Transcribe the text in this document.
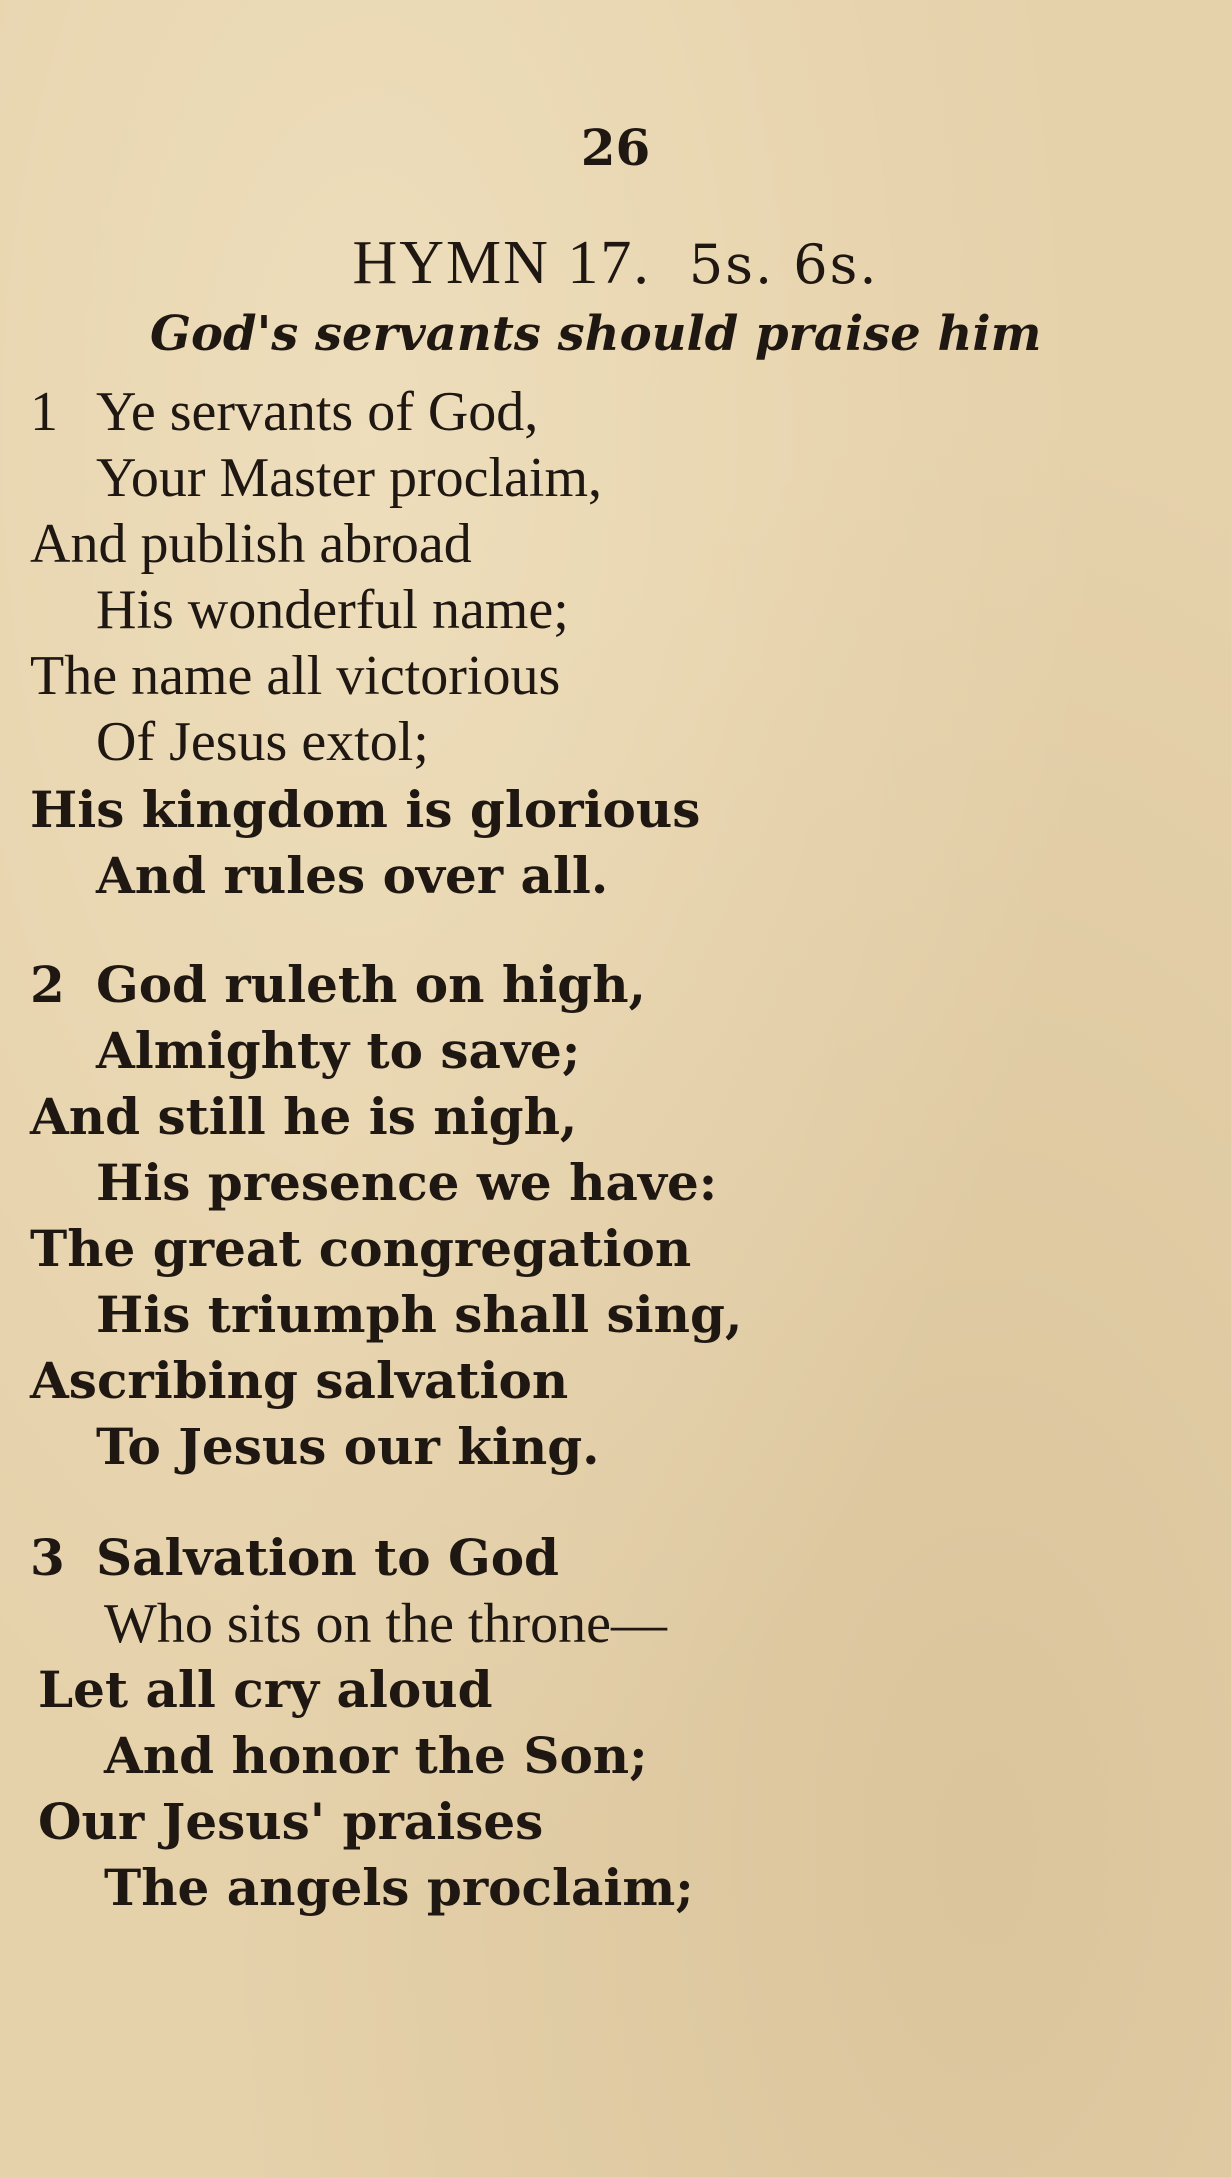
26
HYMN 17. 5s. 6s.
God's servants should praise him
1 Ye servants of God,
Your Master proclaim,
And publish abroad
His wonderful name;
The name all victorious
Of Jesus extol;
His kingdom is glorious
And rules over all.
2 God ruleth on high,
Almighty to save;
And still he is nigh,
His presence we have:
The great congregation
His triumph shall sing,
Ascribing salvation
To Jesus our king.
3 Salvation to God
Who sits on the throne—
Let all cry aloud
And honor the Son;
Our Jesus' praises
The angels proclaim;
